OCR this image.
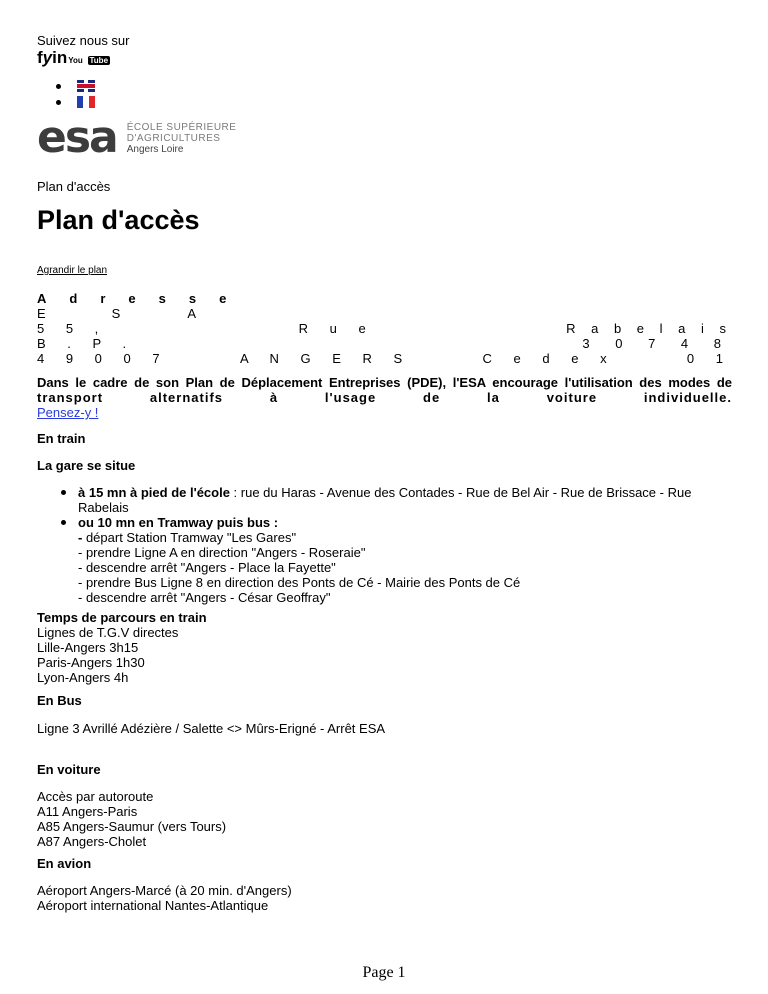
Suivez nous sur
f y in You Tube
esa ÉCOLE SUPÉRIEURE
D'AGRICULTURES
Angers Loire
Plan d'accès
Plan d'accès
Agrandir le plan
A d r e s s e
E	S	A
5 5 ,	R u e	R a b e l a i s
B . P .	3 0 7 4 8
4 9 0 0 7	A N G E R S	C e d e x	0 1
Dans le cadre de son Plan de Déplacement Entreprises (PDE), l'ESA encourage l'utilisation des modes de
transport	alternatifs	à	l'usage	de	la	voiture	individuelle.
Pensez-y !
En train
La gare se situe
à 15 mn à pied de l'école : rue du Haras - Avenue des Contades - Rue de Bel Air - Rue de Brissace - Rue
Rabelais
ou 10 mn en Tramway puis bus :
- départ Station Tramway "Les Gares"
- prendre Ligne A en direction "Angers - Roseraie"
- descendre arrêt "Angers - Place la Fayette"
- prendre Bus Ligne 8 en direction des Ponts de Cé - Mairie des Ponts de Cé
- descendre arrêt "Angers - César Geoffray"
Temps de parcours en train
Lignes de T.G.V directes
Lille-Angers 3h15
Paris-Angers 1h30
Lyon-Angers 4h
En Bus
Ligne 3 Avrillé Adézière / Salette <> Mûrs-Erigné - Arrêt ESA
En voiture
Accès par autoroute
A11 Angers-Paris
A85 Angers-Saumur (vers Tours)
A87 Angers-Cholet
En avion
Aéroport Angers-Marcé (à 20 min. d'Angers)
Aéroport international Nantes-Atlantique
Page 1
